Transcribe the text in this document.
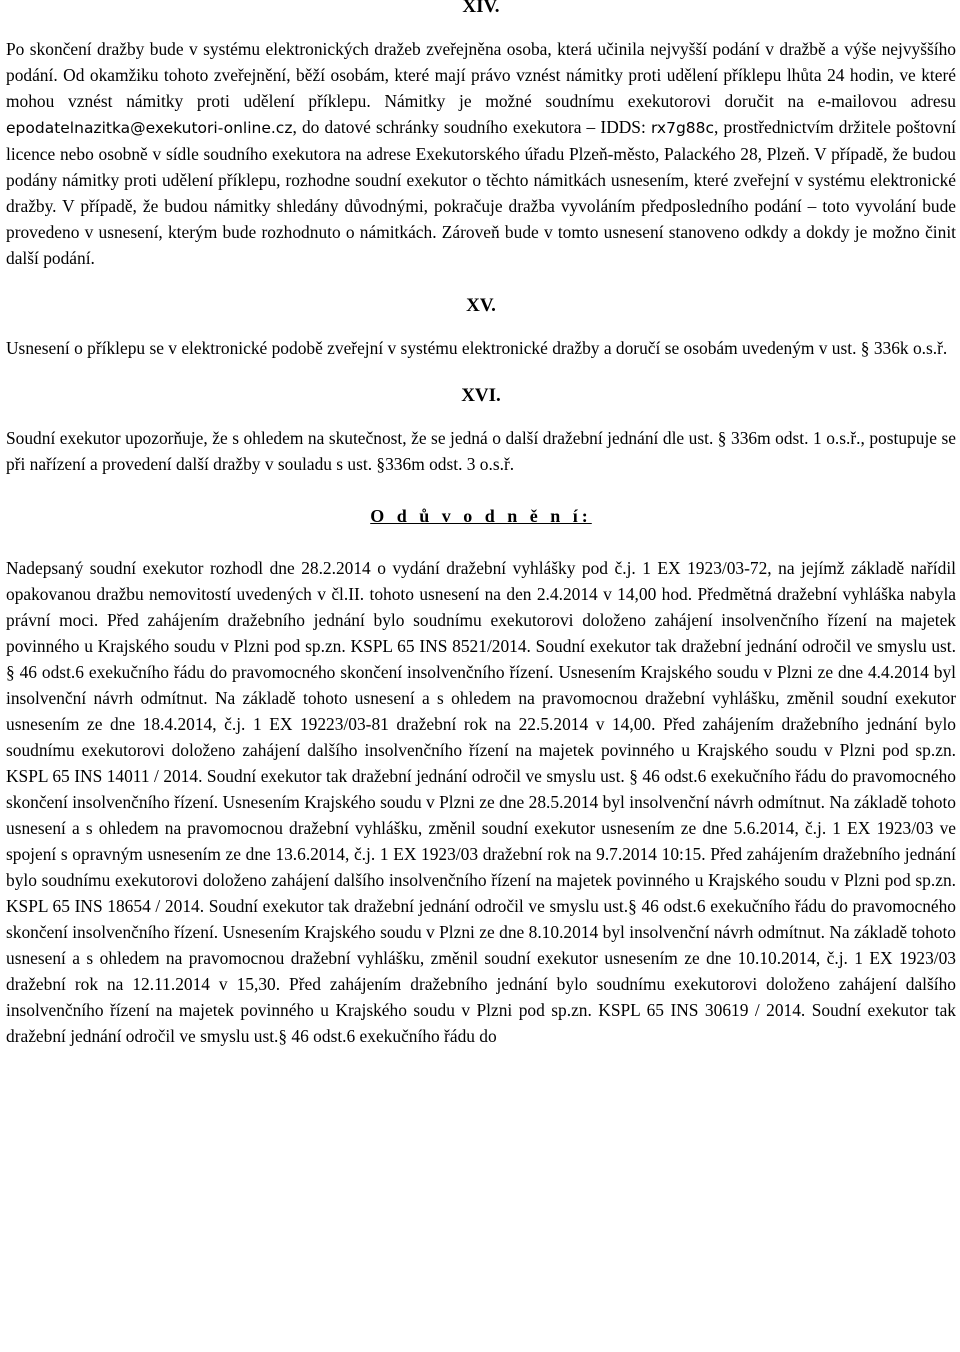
XIV.

Po skončení dražby bude v systému elektronických dražeb zveřejněna osoba, která učinila nejvyšší podání v dražbě a výše nejvyššího podání. Od okamžiku tohoto zveřejnění, běží osobám, které mají právo vznést námitky proti udělení příklepu lhůta 24 hodin, ve které mohou vznést námitky proti udělení příklepu. Námitky je možné soudnímu exekutorovi doručit na e-mailovou adresu epodatelnazitka@exekutori-online.cz, do datové schránky soudního exekutora – IDDS: rx7g88c, prostřednictvím držitele poštovní licence nebo osobně v sídle soudního exekutora na adrese Exekutorského úřadu Plzeň-město, Palackého 28, Plzeň. V případě, že budou podány námitky proti udělení příklepu, rozhodne soudní exekutor o těchto námitkách usnesením, které zveřejní v systému elektronické dražby. V případě, že budou námitky shledány důvodnými, pokračuje dražba vyvoláním předposledního podání – toto vyvolání bude provedeno v usnesení, kterým bude rozhodnuto o námitkách. Zároveň bude v tomto usnesení stanoveno odkdy a dokdy je možno činit další podání.

XV.

Usnesení o příklepu se v elektronické podobě zveřejní v systému elektronické dražby a doručí se osobám uvedeným v ust. § 336k o.s.ř.

XVI.

Soudní exekutor upozorňuje, že s ohledem na skutečnost, že se jedná o další dražební jednání dle ust. § 336m odst. 1 o.s.ř., postupuje se při nařízení a provedení další dražby v souladu s ust. §336m odst. 3 o.s.ř.

O d ů v o d n ě n í:

Nadepsaný soudní exekutor rozhodl dne 28.2.2014 o vydání dražební vyhlášky pod č.j. 1 EX 1923/03-72, na jejímž základě nařídil opakovanou dražbu nemovitostí uvedených v čl.II. tohoto usnesení na den 2.4.2014 v 14,00 hod. Předmětná dražební vyhláška nabyla právní moci. Před zahájením dražebního jednání bylo soudnímu exekutorovi doloženo zahájení insolvenčního řízení na majetek povinného u Krajského soudu v Plzni pod sp.zn. KSPL 65 INS 8521/2014. Soudní exekutor tak dražební jednání odročil ve smyslu ust. § 46 odst.6 exekučního řádu do pravomocného skončení insolvenčního řízení. Usnesením Krajského soudu v Plzni ze dne 4.4.2014 byl insolvenční návrh odmítnut. Na základě tohoto usnesení a s ohledem na pravomocnou dražební vyhlášku, změnil soudní exekutor usnesením ze dne 18.4.2014, č.j. 1 EX 19223/03-81 dražební rok na 22.5.2014 v 14,00. Před zahájením dražebního jednání bylo soudnímu exekutorovi doloženo zahájení dalšího insolvenčního řízení na majetek povinného u Krajského soudu v Plzni pod sp.zn. KSPL 65 INS 14011 / 2014. Soudní exekutor tak dražební jednání odročil ve smyslu ust. § 46 odst.6 exekučního řádu do pravomocného skončení insolvenčního řízení. Usnesením Krajského soudu v Plzni ze dne 28.5.2014 byl insolvenční návrh odmítnut. Na základě tohoto usnesení a s ohledem na pravomocnou dražební vyhlášku, změnil soudní exekutor usnesením ze dne 5.6.2014, č.j. 1 EX 1923/03 ve spojení s opravným usnesením ze dne 13.6.2014, č.j. 1 EX 1923/03 dražební rok na 9.7.2014 10:15. Před zahájením dražebního jednání bylo soudnímu exekutorovi doloženo zahájení dalšího insolvenčního řízení na majetek povinného u Krajského soudu v Plzni pod sp.zn. KSPL 65 INS 18654 / 2014. Soudní exekutor tak dražební jednání odročil ve smyslu ust.§ 46 odst.6 exekučního řádu do pravomocného skončení insolvenčního řízení. Usnesením Krajského soudu v Plzni ze dne 8.10.2014 byl insolvenční návrh odmítnut. Na základě tohoto usnesení a s ohledem na pravomocnou dražební vyhlášku, změnil soudní exekutor usnesením ze dne 10.10.2014, č.j. 1 EX 1923/03 dražební rok na 12.11.2014 v 15,30. Před zahájením dražebního jednání bylo soudnímu exekutorovi doloženo zahájení dalšího insolvenčního řízení na majetek povinného u Krajského soudu v Plzni pod sp.zn. KSPL 65 INS 30619 / 2014. Soudní exekutor tak dražební jednání odročil ve smyslu ust.§ 46 odst.6 exekučního řádu do
